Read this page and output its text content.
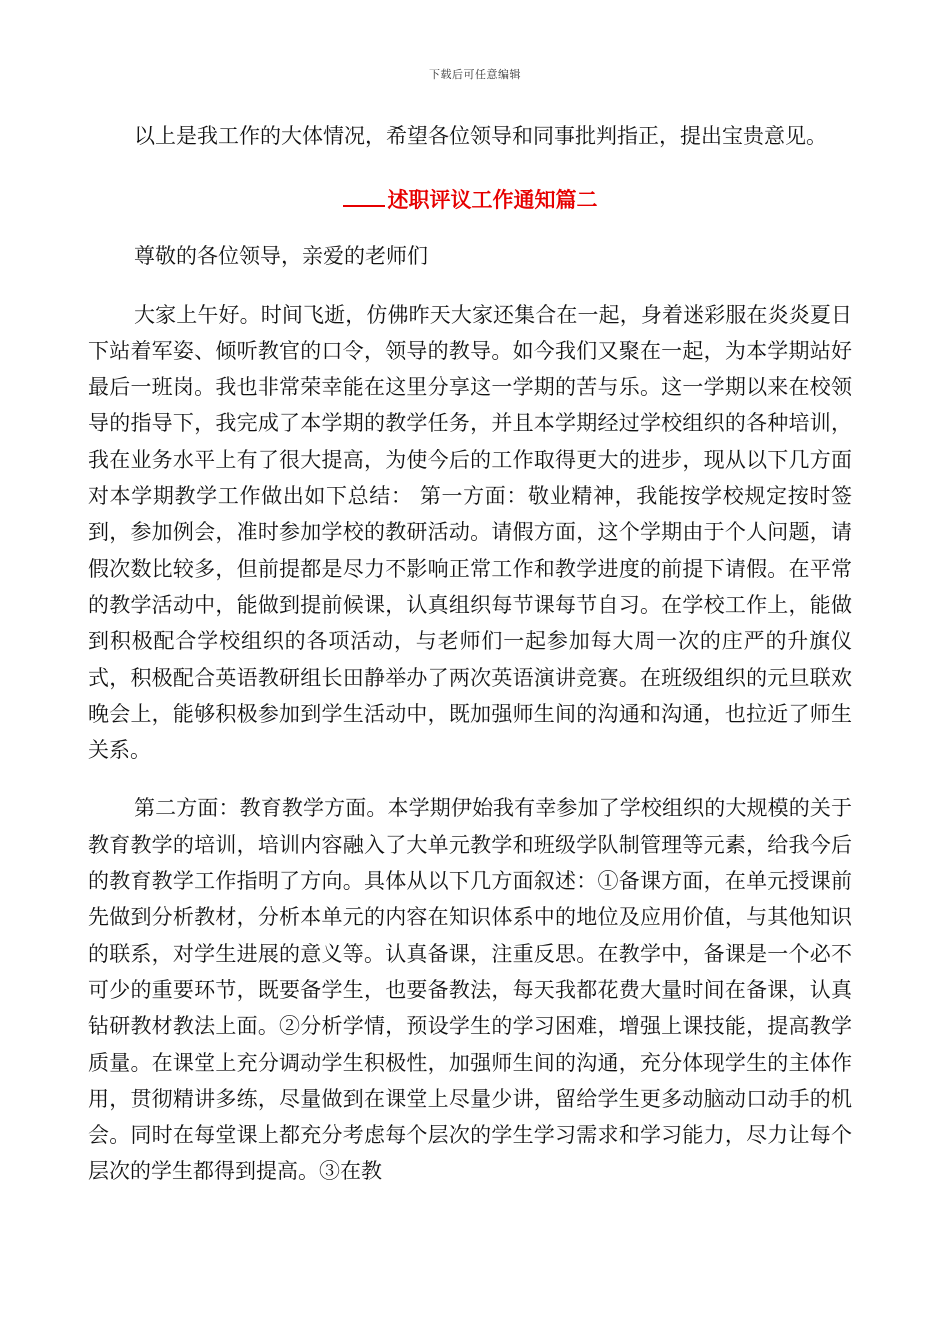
下载后可任意编辑

以上是我工作的大体情况，希望各位领导和同事批判指正，提出宝贵意见。

述职评议工作通知篇二

尊敬的各位领导，亲爱的老师们

大家上午好。时间飞逝，仿佛昨天大家还集合在一起，身着迷彩服在炎炎夏日下站着军姿、倾听教官的口令，领导的教导。如今我们又聚在一起，为本学期站好最后一班岗。我也非常荣幸能在这里分享这一学期的苦与乐。这一学期以来在校领导的指导下，我完成了本学期的教学任务，并且本学期经过学校组织的各种培训，我在业务水平上有了很大提高，为使今后的工作取得更大的进步，现从以下几方面对本学期教学工作做出如下总结： 第一方面：敬业精神，我能按学校规定按时签到，参加例会，准时参加学校的教研活动。请假方面，这个学期由于个人问题，请假次数比较多，但前提都是尽力不影响正常工作和教学进度的前提下请假。在平常的教学活动中，能做到提前候课，认真组织每节课每节自习。在学校工作上，能做到积极配合学校组织的各项活动，与老师们一起参加每大周一次的庄严的升旗仪式，积极配合英语教研组长田静举办了两次英语演讲竞赛。在班级组织的元旦联欢晚会上，能够积极参加到学生活动中，既加强师生间的沟通和沟通，也拉近了师生关系。

第二方面：教育教学方面。本学期伊始我有幸参加了学校组织的大规模的关于教育教学的培训，培训内容融入了大单元教学和班级学队制管理等元素，给我今后的教育教学工作指明了方向。具体从以下几方面叙述：①备课方面，在单元授课前先做到分析教材，分析本单元的内容在知识体系中的地位及应用价值，与其他知识的联系，对学生进展的意义等。认真备课，注重反思。在教学中，备课是一个必不可少的重要环节，既要备学生，也要备教法，每天我都花费大量时间在备课，认真钻研教材教法上面。②分析学情，预设学生的学习困难，增强上课技能，提高教学质量。在课堂上充分调动学生积极性，加强师生间的沟通，充分体现学生的主体作用，贯彻精讲多练，尽量做到在课堂上尽量少讲，留给学生更多动脑动口动手的机会。同时在每堂课上都充分考虑每个层次的学生学习需求和学习能力，尽力让每个层次的学生都得到提高。③在教
